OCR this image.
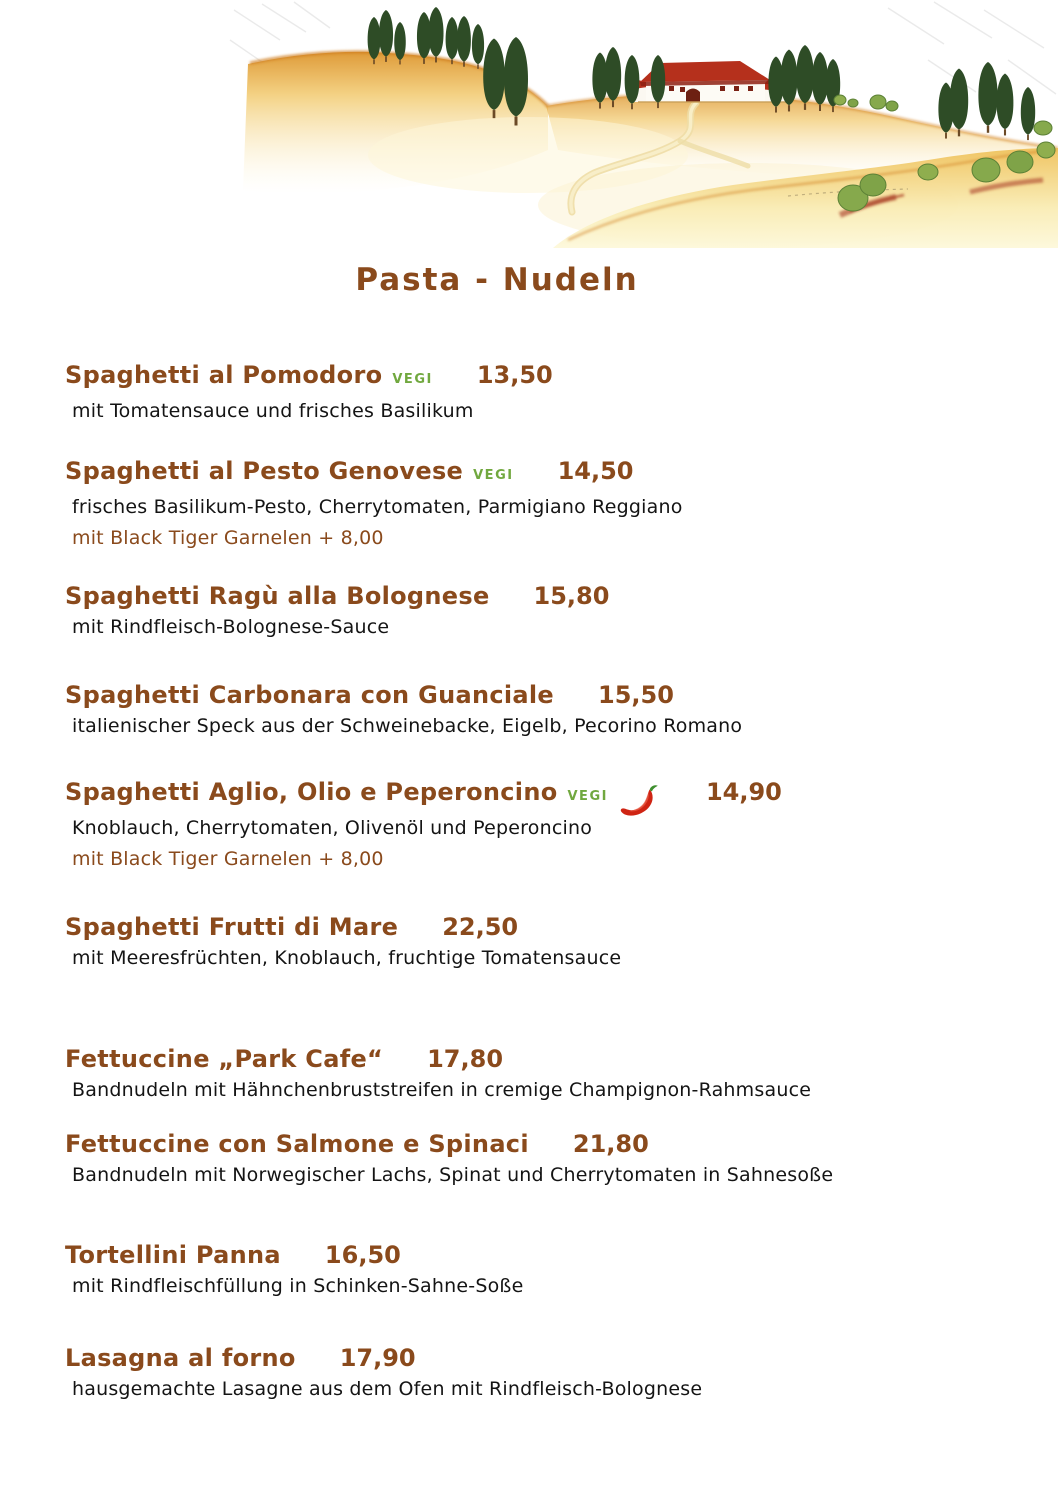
Pasta - Nudeln
Spaghetti al Pomodoro VEGI 13,50
mit Tomatensauce und frisches Basilikum
Spaghetti al Pesto Genovese VEGI 14,50
frisches Basilikum-Pesto, Cherrytomaten, Parmigiano Reggiano
mit Black Tiger Garnelen + 8,00
Spaghetti Ragù alla Bolognese 15,80
mit Rindfleisch-Bolognese-Sauce
Spaghetti Carbonara con Guanciale 15,50
italienischer Speck aus der Schweinebacke, Eigelb, Pecorino Romano
Spaghetti Aglio, Olio e Peperoncino VEGI	14,90
Knoblauch, Cherrytomaten, Olivenöl und Peperoncino
mit Black Tiger Garnelen + 8,00
Spaghetti Frutti di Mare 22,50
mit Meeresfrüchten, Knoblauch, fruchtige Tomatensauce
Fettuccine „Park Cafe“ 17,80
Bandnudeln mit Hähnchenbruststreifen in cremige Champignon-Rahmsauce
Fettuccine con Salmone e Spinaci 21,80
Bandnudeln mit Norwegischer Lachs, Spinat und Cherrytomaten in Sahnesoße
Tortellini Panna 16,50
mit Rindfleischfüllung in Schinken-Sahne-Soße
Lasagna al forno 17,90
hausgemachte Lasagne aus dem Ofen mit Rindfleisch-Bolognese
